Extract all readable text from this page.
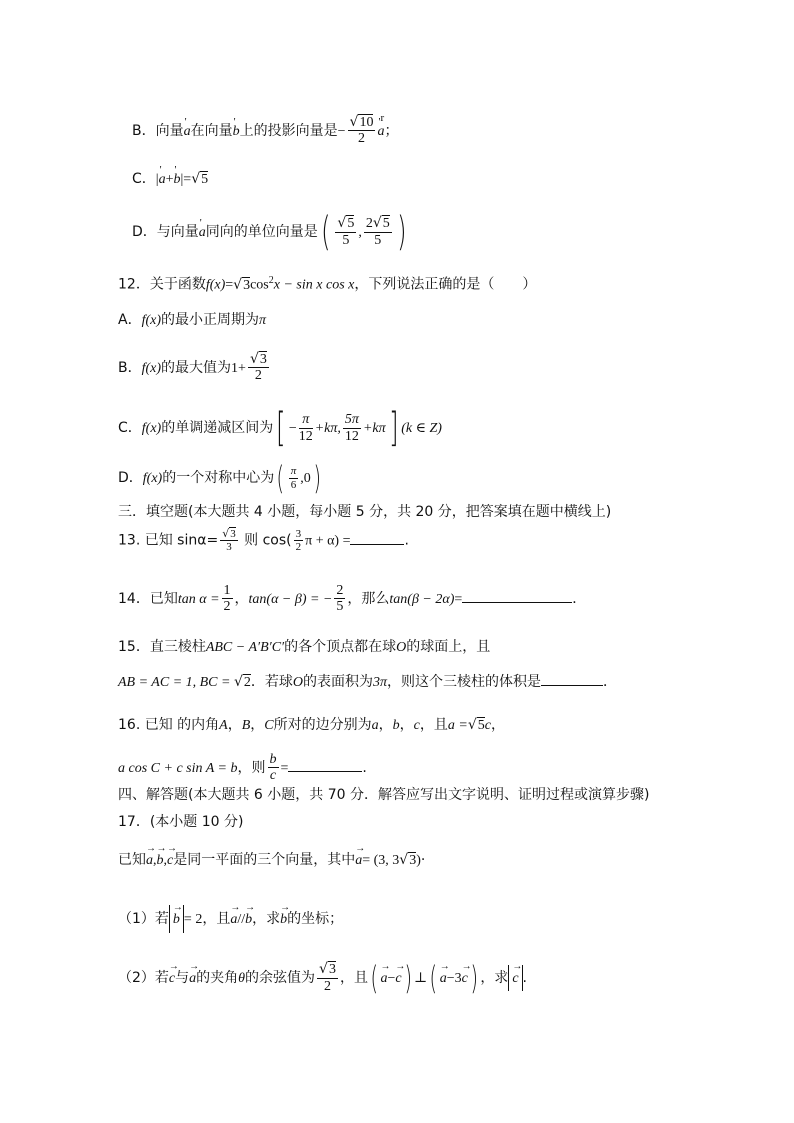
B．向量' a在向量' b上的投影向量是− $\frac{√10}{2}$ ' r
a；
C．|' a+' b|=√5
D．与向量' a同向的单位向量是( $\frac{√5}{5}$ , $\frac{2√5}{5}$ )
12．关于函数$f(x)=√3\cos^2x - \sin x$ cos x，下列说法正确的是（　　）
A．f(x)的最小正周期为π
B．f(x)的最大值为$1+ \frac{√3}{2}$
C．f(x)的单调递减区间为[ − $\frac{\pi}{12} +k\pi$, $\frac{5\pi}{12} +k\pi$] (k ∈ Z)
D．f(x)的一个对称中心为( $\frac{\pi}{6} ,0$)
三．填空题(本大题共 4 小题，每小题 5 分，共 20 分，把答案填在题中横线上)
13. 已知 $\sin\alpha= \frac{√3}{3}$ 则 $\cos( \frac{3}{2}$ π + α) =	.
14．已知$\tan \alpha = \frac{1}{2}$ ，tan(α − β) = − $\frac{2}{5}$ ，那么tan(β − 2α)=	．
15．直三棱柱ABC − A′B′C′的各个顶点都在球O的球面上，且
AB = AC = 1, BC = √2．若球O的表面积为3π，则这个三棱柱的体积是	．
16. 已知 的内角A，B，C所对的边分别为a，b，c，且a =√5c，
a cos C + c sin A = b，则 $\frac{b}{c}$ =	.
四、解答题(本大题共 6 小题，共 70 分．解答应写出文字说明、证明过程或演算步骤)
17．(本小题 10 分)
已知→ a,→ b,→ c是同一平面的三个向量，其中→ a= (3, 3√3)·
（1）若 → b = 2，且→ a//→ b，求→ b的坐标；
（2）若→ c与→ a的夹角θ的余弦值为 $\frac{√3}{2}$ ，且( → a−→ c) ⊥( → a−3→ c) ，求 → c .
